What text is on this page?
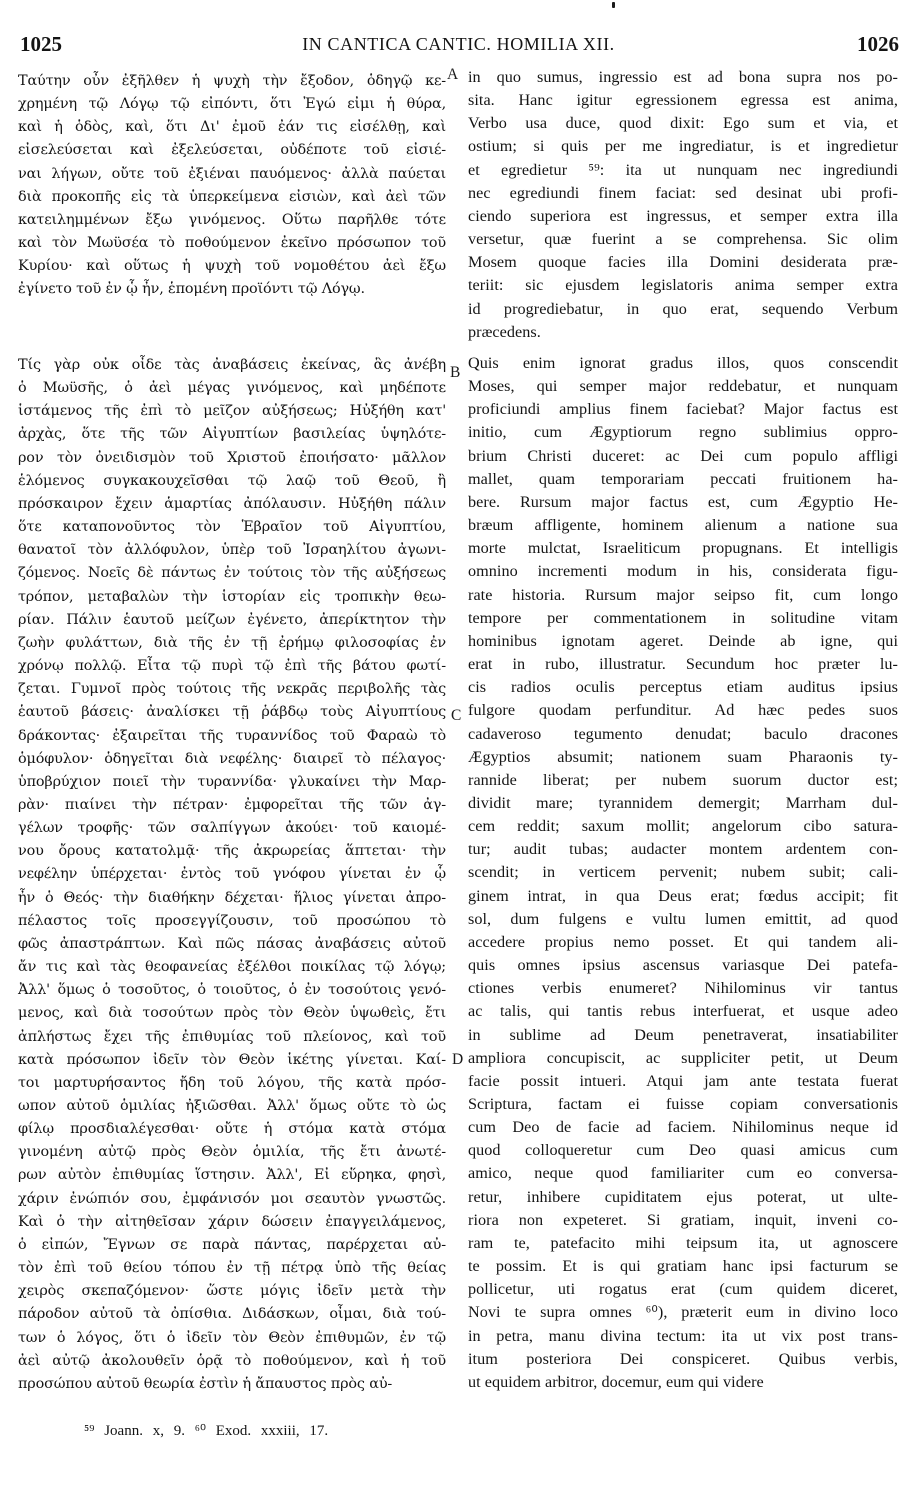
1025	IN CANTICA CANTIC. HOMILIA XII.	1026

Ταύτην οὖν ἐξῆλθεν ἡ ψυχὴ τὴν ἔξοδον, ὁδηγῷ κε-

χρημένη τῷ Λόγῳ τῷ εἰπόντι, ὅτι Ἐγώ εἰμι ἡ θύρα,

καὶ ἡ ὁδὸς, καὶ, ὅτι Δι' ἐμοῦ ἐάν τις εἰσέλθῃ, καὶ

εἰσελεύσεται καὶ ἐξελεύσεται, οὐδέποτε τοῦ εἰσιέ-

ναι λήγων, οὔτε τοῦ ἐξιέναι παυόμενος· ἀλλὰ παύεται

διὰ προκοπῆς εἰς τὰ ὑπερκείμενα εἰσιὼν, καὶ ἀεὶ τῶν

κατειλημμένων ἔξω γινόμενος. Οὕτω παρῆλθε τότε

καὶ τὸν Μωϋσέα τὸ ποθούμενον ἐκεῖνο πρόσωπον τοῦ

Κυρίου· καὶ οὕτως ἡ ψυχὴ τοῦ νομοθέτου ἀεὶ ἔξω

ἐγίνετο τοῦ ἐν ᾧ ἦν, ἑπομένη προϊόντι τῷ Λόγῳ.

Τίς γὰρ οὐκ οἶδε τὰς ἀναβάσεις ἐκείνας, ἃς ἀνέβη

ὁ Μωϋσῆς, ὁ ἀεὶ μέγας γινόμενος, καὶ μηδέποτε

ἱστάμενος τῆς ἐπὶ τὸ μεῖζον αὐξήσεως; Ηὐξήθη κατ'

ἀρχὰς, ὅτε τῆς τῶν Αἰγυπτίων βασιλείας ὑψηλότε-

ρον τὸν ὀνειδισμὸν τοῦ Χριστοῦ ἐποιήσατο· μᾶλλον

ἑλόμενος συγκακουχεῖσθαι τῷ λαῷ τοῦ Θεοῦ, ἢ

πρόσκαιρον ἔχειν ἁμαρτίας ἀπόλαυσιν. Ηὐξήθη πάλιν

ὅτε καταπονοῦντος τὸν Ἑβραῖον τοῦ Αἰγυπτίου,

θανατοῖ τὸν ἀλλόφυλον, ὑπὲρ τοῦ Ἰσραηλίτου ἀγωνι-

ζόμενος. Νοεῖς δὲ πάντως ἐν τούτοις τὸν τῆς αὐξήσεως

τρόπον, μεταβαλὼν τὴν ἱστορίαν εἰς τροπικὴν θεω-

ρίαν. Πάλιν ἑαυτοῦ μείζων ἐγένετο, ἀπερίκτητον τὴν

ζωὴν φυλάττων, διὰ τῆς ἐν τῇ ἐρήμῳ φιλοσοφίας ἐν

χρόνῳ πολλῷ. Εἶτα τῷ πυρὶ τῷ ἐπὶ τῆς βάτου φωτί-

ζεται. Γυμνοῖ πρὸς τούτοις τῆς νεκρᾶς περιβολῆς τὰς

ἑαυτοῦ βάσεις· ἀναλίσκει τῇ ῥάβδῳ τοὺς Αἰγυπτίους

δράκοντας· ἐξαιρεῖται τῆς τυραννίδος τοῦ Φαραὼ τὸ

ὁμόφυλον· ὁδηγεῖται διὰ νεφέλης· διαιρεῖ τὸ πέλαγος·

ὑποβρύχιον ποιεῖ τὴν τυραννίδα· γλυκαίνει τὴν Μαρ-

ρὰν· πιαίνει τὴν πέτραν· ἐμφορεῖται τῆς τῶν ἀγ-

γέλων τροφῆς· τῶν σαλπίγγων ἀκούει· τοῦ καιομέ-

νου ὄρους κατατολμᾷ· τῆς ἀκρωρείας ἅπτεται· τὴν

νεφέλην ὑπέρχεται· ἐντὸς τοῦ γνόφου γίνεται ἐν ᾧ

ἦν ὁ Θεός· τὴν διαθήκην δέχεται· ἥλιος γίνεται ἀπρο-

πέλαστος τοῖς προσεγγίζουσιν, τοῦ προσώπου τὸ

φῶς ἀπαστράπτων. Καὶ πῶς πάσας ἀναβάσεις αὐτοῦ

ἄν τις καὶ τὰς θεοφανείας ἐξέλθοι ποικίλας τῷ λόγῳ;

Ἀλλ' ὅμως ὁ τοσοῦτος, ὁ τοιοῦτος, ὁ ἐν τοσούτοις γενό-

μενος, καὶ διὰ τοσούτων πρὸς τὸν Θεὸν ὑψωθεὶς, ἔτι

ἀπλήστως ἔχει τῆς ἐπιθυμίας τοῦ πλείονος, καὶ τοῦ

κατὰ πρόσωπον ἰδεῖν τὸν Θεὸν ἱκέτης γίνεται. Καί-

τοι μαρτυρήσαντος ἤδη τοῦ λόγου, τῆς κατὰ πρόσ-

ωπον αὐτοῦ ὁμιλίας ἠξιῶσθαι. Ἀλλ' ὅμως οὔτε τὸ ὡς

φίλῳ προσδιαλέγεσθαι· οὔτε ἡ στόμα κατὰ στόμα

γινομένη αὐτῷ πρὸς Θεὸν ὁμιλία, τῆς ἔτι ἀνωτέ-

ρων αὐτὸν ἐπιθυμίας ἵστησιν. Ἀλλ', Εἰ εὕρηκα, φησὶ,

χάριν ἐνώπιόν σου, ἐμφάνισόν μοι σεαυτὸν γνωστῶς.

Καὶ ὁ τὴν αἰτηθεῖσαν χάριν δώσειν ἐπαγγειλάμενος,

ὁ εἰπών, Ἔγνων σε παρὰ πάντας, παρέρχεται αὐ-

τὸν ἐπὶ τοῦ θείου τόπου ἐν τῇ πέτρᾳ ὑπὸ τῆς θείας

χειρὸς σκεπαζόμενον· ὥστε μόγις ἰδεῖν μετὰ τὴν

πάροδον αὐτοῦ τὰ ὀπίσθια. Διδάσκων, οἶμαι, διὰ τού-

των ὁ λόγος, ὅτι ὁ ἰδεῖν τὸν Θεὸν ἐπιθυμῶν, ἐν τῷ

ἀεὶ αὐτῷ ἀκολουθεῖν ὁρᾷ τὸ ποθούμενον, καὶ ἡ τοῦ

προσώπου αὐτοῦ θεωρία ἐστὶν ἡ ἄπαυστος πρὸς αὐ-

in quo sumus, ingressio est ad bona supra nos po-

sita. Hanc igitur egressionem egressa est anima,

Verbo usa duce, quod dixit: Ego sum et via, et

ostium; si quis per me ingrediatur, is et ingredietur

et egredietur ⁵⁹: ita ut nunquam nec ingrediundi

nec egrediundi finem faciat: sed desinat ubi profi-

ciendo superiora est ingressus, et semper extra illa

versetur, quæ fuerint a se comprehensa. Sic olim

Mosem quoque facies illa Domini desiderata præ-

teriit: sic ejusdem legislatoris anima semper extra

id progrediebatur, in quo erat, sequendo Verbum

præcedens.

Quis enim ignorat gradus illos, quos conscendit

Moses, qui semper major reddebatur, et nunquam

proficiundi amplius finem faciebat? Major factus est

initio, cum Ægyptiorum regno sublimius oppro-

brium Christi duceret: ac Dei cum populo affligi

mallet, quam temporariam peccati fruitionem ha-

bere. Rursum major factus est, cum Ægyptio He-

bræum affligente, hominem alienum a natione sua

morte mulctat, Israeliticum propugnans. Et intelligis

omnino incrementi modum in his, considerata figu-

rate historia. Rursum major seipso fit, cum longo

tempore per commentationem in solitudine vitam

hominibus ignotam ageret. Deinde ab igne, qui

erat in rubo, illustratur. Secundum hoc præter lu-

cis radios oculis perceptus etiam auditus ipsius

fulgore quodam perfunditur. Ad hæc pedes suos

cadaveroso tegumento denudat; baculo dracones

Ægyptios absumit; nationem suam Pharaonis ty-

rannide liberat; per nubem suorum ductor est;

dividit mare; tyrannidem demergit; Marrham dul-

cem reddit; saxum mollit; angelorum cibo satura-

tur; audit tubas; audacter montem ardentem con-

scendit; in verticem pervenit; nubem subit; cali-

ginem intrat, in qua Deus erat; fœdus accipit; fit

sol, dum fulgens e vultu lumen emittit, ad quod

accedere propius nemo posset. Et qui tandem ali-

quis omnes ipsius ascensus variasque Dei patefa-

ctiones verbis enumeret? Nihilominus vir tantus

ac talis, qui tantis rebus interfuerat, et usque adeo

in sublime ad Deum penetraverat, insatiabiliter

ampliora concupiscit, ac suppliciter petit, ut Deum

facie possit intueri. Atqui jam ante testata fuerat

Scriptura, factam ei fuisse copiam conversationis

cum Deo de facie ad faciem. Nihilominus neque id

quod colloqueretur cum Deo quasi amicus cum

amico, neque quod familiariter cum eo conversa-

retur, inhibere cupiditatem ejus poterat, ut ulte-

riora non expeteret. Si gratiam, inquit, inveni co-

ram te, patefacito mihi teipsum ita, ut agnoscere

te possim. Et is qui gratiam hanc ipsi facturum se

pollicetur, uti rogatus erat (cum quidem diceret,

Novi te supra omnes ⁶⁰), præterit eum in divino loco

in petra, manu divina tectum: ita ut vix post trans-

itum posteriora Dei conspiceret. Quibus verbis,

ut equidem arbitror, docemur, eum qui videre

A
B
C
D
⁵⁹ Joann. x, 9. ⁶⁰ Exod. xxxiii, 17.
